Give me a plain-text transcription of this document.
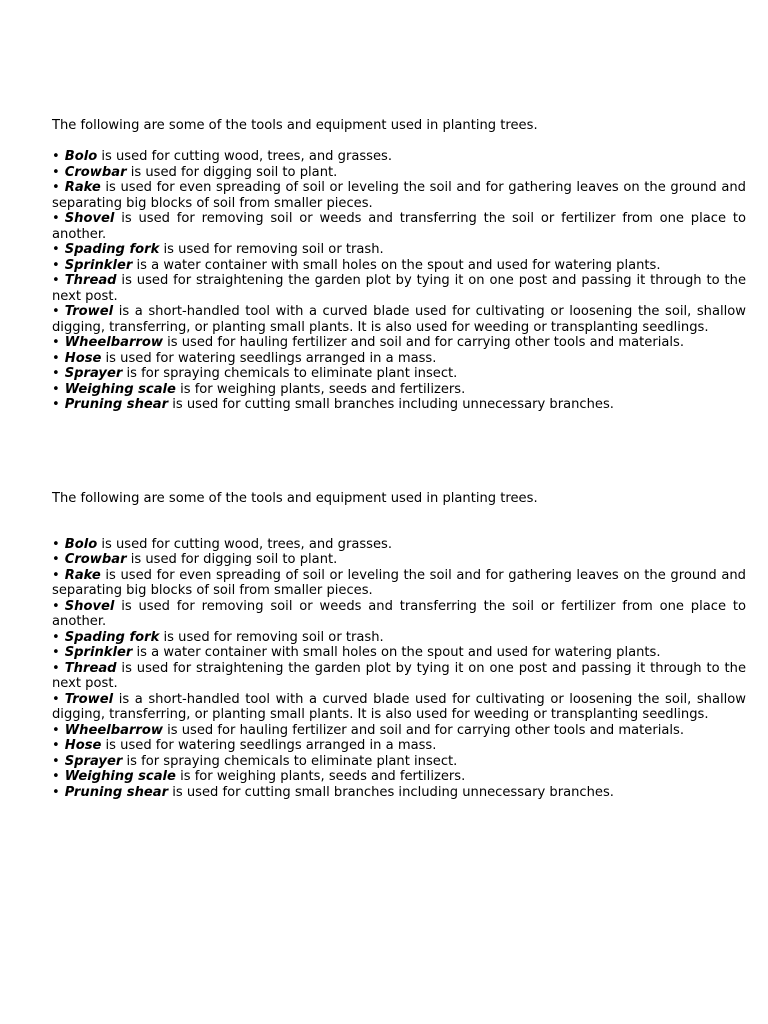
The following are some of the tools and equipment used in planting trees.

• Bolo is used for cutting wood, trees, and grasses.
• Crowbar is used for digging soil to plant.
• Rake is used for even spreading of soil or leveling the soil and for gathering leaves on the ground and separating big blocks of soil from smaller pieces.
• Shovel is used for removing soil or weeds and transferring the soil or fertilizer from one place to another.
• Spading fork is used for removing soil or trash.
• Sprinkler is a water container with small holes on the spout and used for watering plants.
• Thread is used for straightening the garden plot by tying it on one post and passing it through to the next post.
• Trowel is a short-handled tool with a curved blade used for cultivating or loosening the soil, shallow digging, transferring, or planting small plants. It is also used for weeding or transplanting seedlings.
• Wheelbarrow is used for hauling fertilizer and soil and for carrying other tools and materials.
• Hose is used for watering seedlings arranged in a mass.
• Sprayer is for spraying chemicals to eliminate plant insect.
• Weighing scale is for weighing plants, seeds and fertilizers.
• Pruning shear is used for cutting small branches including unnecessary branches.

The following are some of the tools and equipment used in planting trees.

• Bolo is used for cutting wood, trees, and grasses.
• Crowbar is used for digging soil to plant.
• Rake is used for even spreading of soil or leveling the soil and for gathering leaves on the ground and separating big blocks of soil from smaller pieces.
• Shovel is used for removing soil or weeds and transferring the soil or fertilizer from one place to another.
• Spading fork is used for removing soil or trash.
• Sprinkler is a water container with small holes on the spout and used for watering plants.
• Thread is used for straightening the garden plot by tying it on one post and passing it through to the next post.
• Trowel is a short-handled tool with a curved blade used for cultivating or loosening the soil, shallow digging, transferring, or planting small plants. It is also used for weeding or transplanting seedlings.
• Wheelbarrow is used for hauling fertilizer and soil and for carrying other tools and materials.
• Hose is used for watering seedlings arranged in a mass.
• Sprayer is for spraying chemicals to eliminate plant insect.
• Weighing scale is for weighing plants, seeds and fertilizers.
• Pruning shear is used for cutting small branches including unnecessary branches.
